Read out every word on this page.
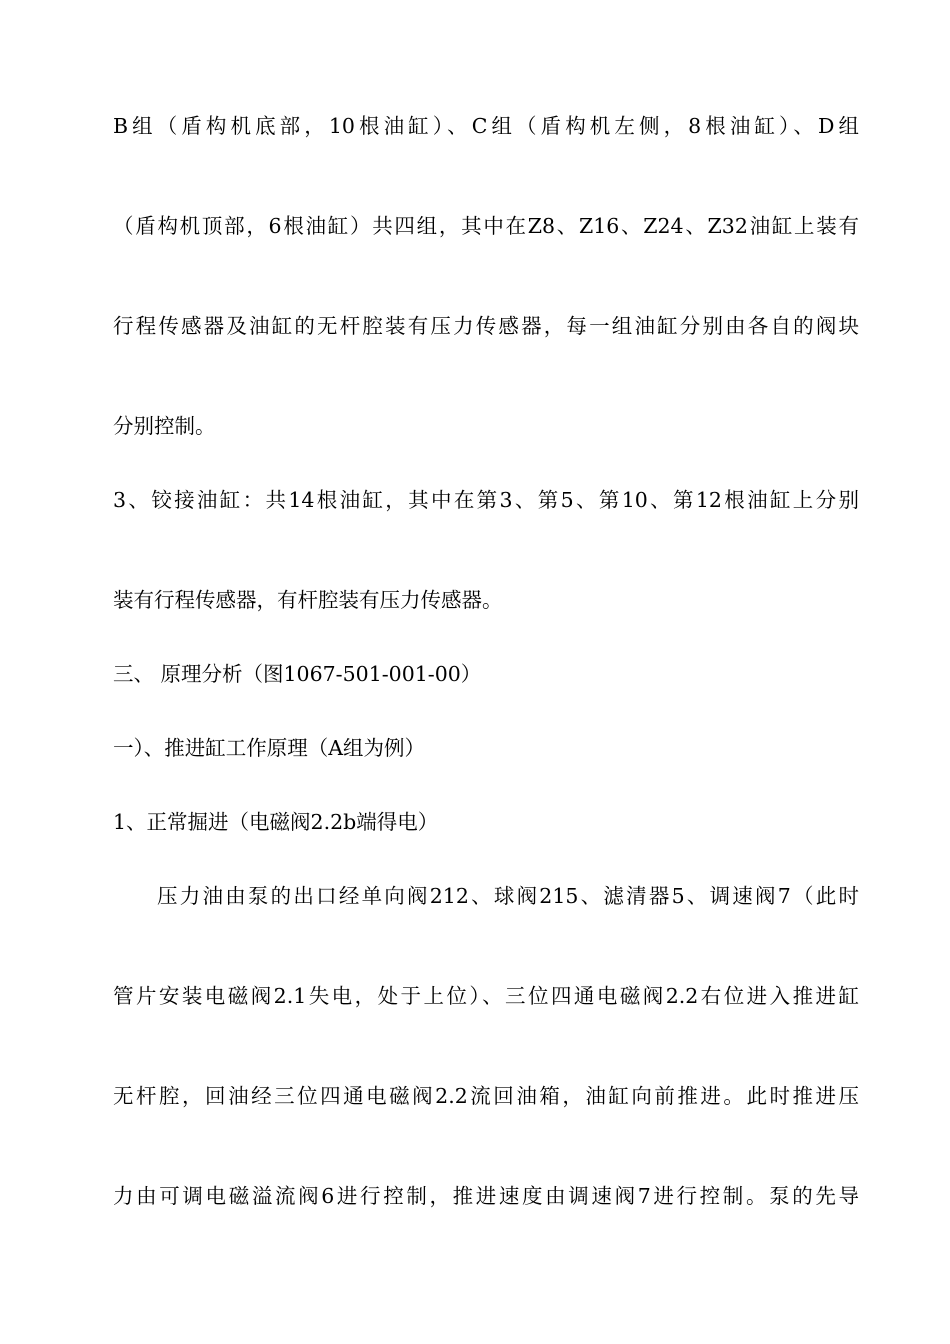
B组（盾构机底部，10根油缸）、C组（盾构机左侧，8根油缸）、D组
（盾构机顶部，6根油缸）共四组，其中在Z8、Z16、Z24、Z32油缸上装有
行程传感器及油缸的无杆腔装有压力传感器，每一组油缸分别由各自的阀块
分别控制。
3、铰接油缸：共14根油缸，其中在第3、第5、第10、第12根油缸上分别
装有行程传感器，有杆腔装有压力传感器。
三、 原理分析（图1067-501-001-00）
一）、推进缸工作原理（A组为例）
1、正常掘进（电磁阀2.2b端得电）
压力油由泵的出口经单向阀212、球阀215、滤清器5、调速阀7（此时
管片安装电磁阀2.1失电，处于上位）、三位四通电磁阀2.2右位进入推进缸
无杆腔，回油经三位四通电磁阀2.2流回油箱，油缸向前推进。此时推进压
力由可调电磁溢流阀6进行控制，推进速度由调速阀7进行控制。泵的先导
